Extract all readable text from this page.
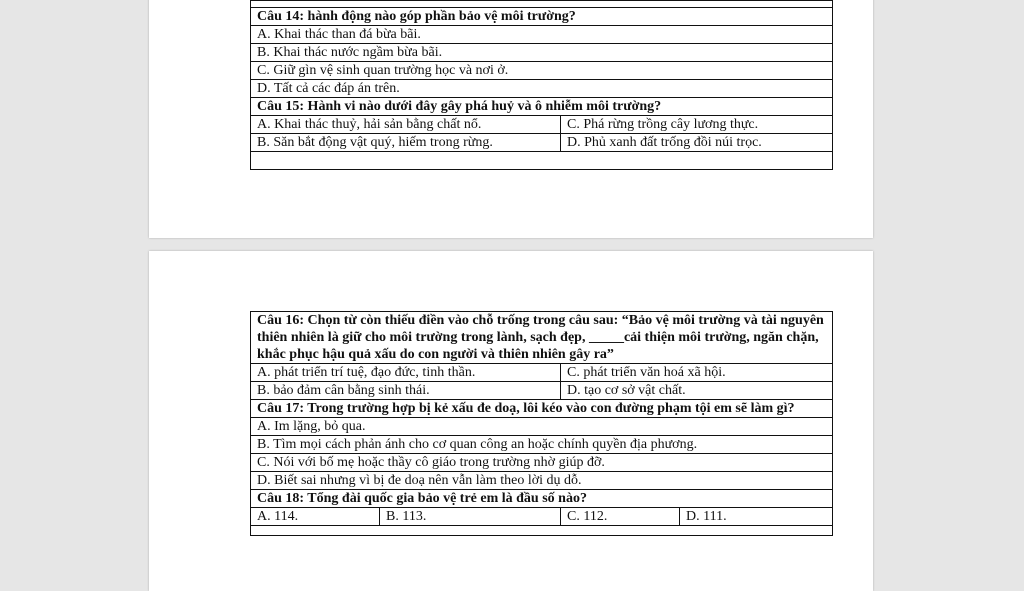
Câu 14: hành động nào góp phần bảo vệ môi trường?	
A. Khai thác than đá bừa bãi.	
B. Khai thác nước ngầm bừa bãi.	
C. Giữ gìn vệ sinh quan trường học và nơi ở.	
D. Tất cả các đáp án trên.	
Câu 15: Hành vi nào dưới đây gây phá huỷ và ô nhiễm môi trường?	
A. Khai thác thuỷ, hải sản bằng chất nổ.	C. Phá rừng trồng cây lương thực.
B. Săn bắt động vật quý, hiếm trong rừng.	D. Phủ xanh đất trống đồi núi trọc.

Câu 16: Chọn từ còn thiếu điền vào chỗ trống trong câu sau: “Bảo vệ môi trường và tài nguyên thiên nhiên là giữ cho môi trường trong lành, sạch đẹp, _____cải thiện môi trường, ngăn chặn, khắc phục hậu quả xấu do con người và thiên nhiên gây ra”			
A. phát triển trí tuệ, đạo đức, tinh thần.		C. phát triển văn hoá xã hội.	
B. bảo đảm cân bằng sinh thái.		D. tạo cơ sở vật chất.	
Câu 17: Trong trường hợp bị kẻ xấu đe doạ, lôi kéo vào con đường phạm tội em sẽ làm gì?			
A. Im lặng, bỏ qua.			
B. Tìm mọi cách phản ánh cho cơ quan công an hoặc chính quyền địa phương.			
C. Nói với bố mẹ hoặc thầy cô giáo trong trường nhờ giúp đỡ.			
D. Biết sai nhưng vì bị đe doạ nên vẫn làm theo lời dụ dỗ.			
Câu 18: Tổng đài quốc gia bảo vệ trẻ em là đầu số nào?			
A. 114.	B. 113.	C. 112.	D. 111.
